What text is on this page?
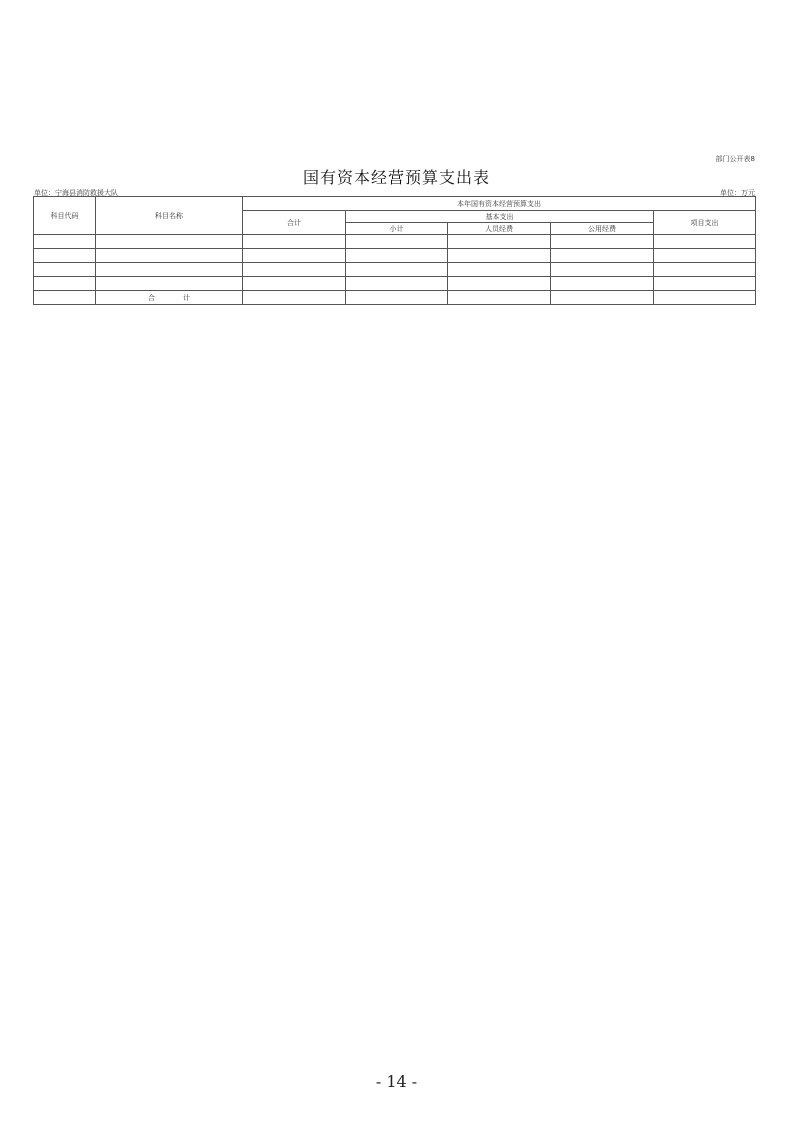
部门公开表8
国有资本经营预算支出表
单位：宁海县消防救援大队	单位：万元
科目代码	科目名称	本年国有资本经营预算支出				
		合计	基本支出			项目支出
			小计	人员经费	公用经费	

	合 计					
- 14 -
